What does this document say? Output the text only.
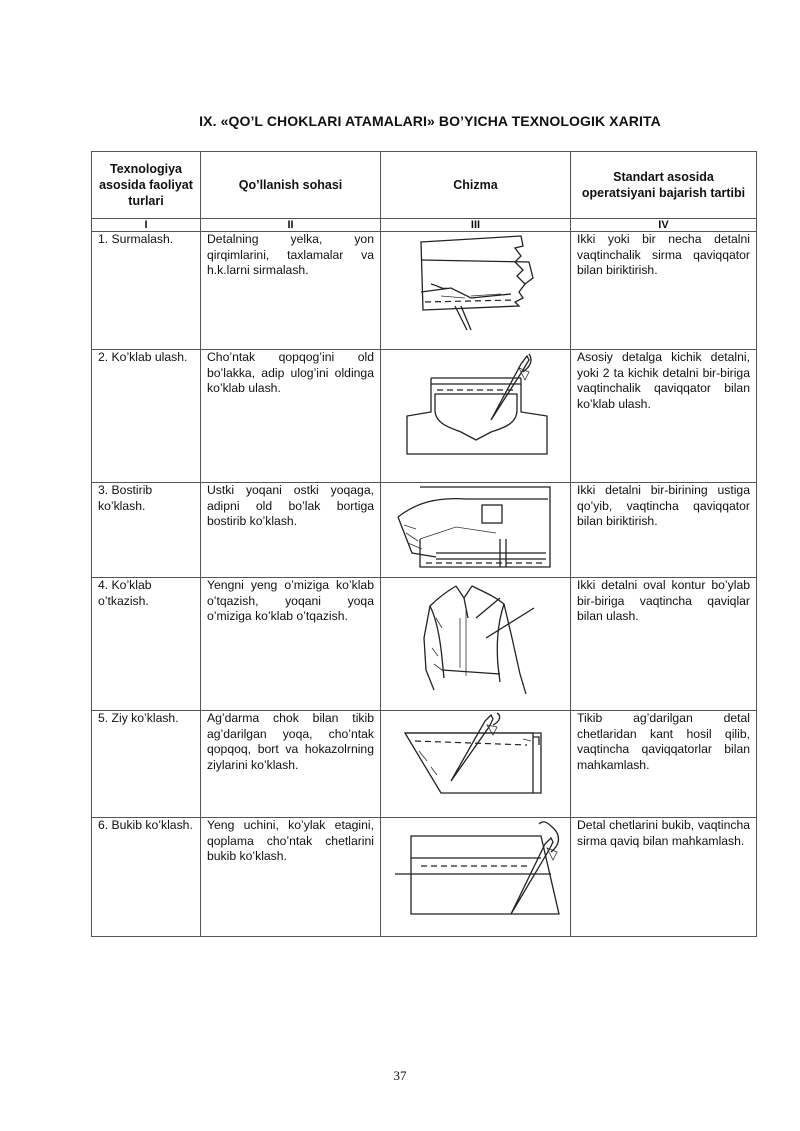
IX. «QO’L CHOKLARI ATAMALARI» BO’YICHA TEXNOLOGIK XARITA
Texnologiya asosida faoliyat turlari	Qo’llanish sohasi	Chizma	Standart asosida operatsiyani bajarish tartibi
I	II	III	IV
1. Surmalash.	Detalning yelka, yon qirqimlarini, taxlamalar va h.k.larni sirmalash.		Ikki yoki bir necha detalni vaqtinchalik sirma qaviqqator bilan biriktirish.
2. Ko’klab ulash.	Cho’ntak qopqog’ini old bo’lakka, adip ulog’ini oldinga ko’klab ulash.		Asosiy detalga kichik detalni, yoki 2 ta kichik detalni bir-biriga vaqtinchalik qaviqqator bilan ko’klab ulash.
3. Bostirib ko’klash.	Ustki yoqani ostki yoqaga, adipni old bo’lak bortiga bostirib ko’klash.		Ikki detalni bir-birining ustiga qo’yib, vaqtincha qaviqqator bilan biriktirish.
4. Ko’klab o’tkazish.	Yengni yeng o’miziga ko’klab o’tqazish, yoqani yoqa o’miziga ko’klab o’tqazish.		Ikki detalni oval kontur bo’ylab bir-biriga vaqtincha qaviqlar bilan ulash.
5. Ziy ko’klash.	Ag’darma chok bilan tikib ag’darilgan yoqa, cho’ntak qopqoq, bort va hokazolrning ziylarini ko’klash.		Tikib ag’darilgan detal chetlaridan kant hosil qilib, vaqtincha qaviqqatorlar bilan mahkamlash.
6. Bukib ko’klash.	Yeng uchini, ko’ylak etagini, qoplama cho’ntak chetlarini bukib ko’klash.		Detal chetlarini bukib, vaqtincha sirma qaviq bilan mahkamlash.
37
